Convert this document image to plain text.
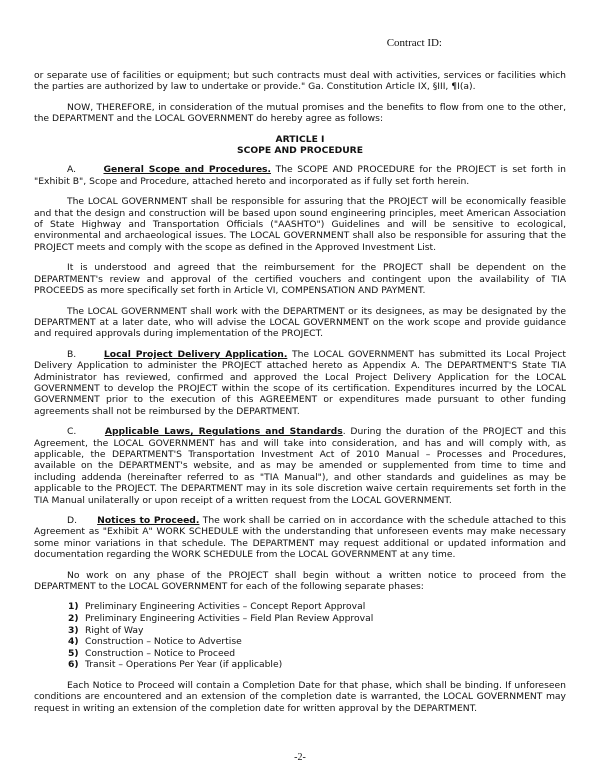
Contract ID:

or separate use of facilities or equipment; but such contracts must deal with activities, services or facilities which the parties are authorized by law to undertake or provide." Ga. Constitution Article IX, §III, ¶I(a).

NOW, THEREFORE, in consideration of the mutual promises and the benefits to flow from one to the other, the DEPARTMENT and the LOCAL GOVERNMENT do hereby agree as follows:

ARTICLE I
SCOPE AND PROCEDURE

A.	General Scope and Procedures. The SCOPE AND PROCEDURE for the PROJECT is set forth in "Exhibit B", Scope and Procedure, attached hereto and incorporated as if fully set forth herein.

The LOCAL GOVERNMENT shall be responsible for assuring that the PROJECT will be economically feasible and that the design and construction will be based upon sound engineering principles, meet American Association of State Highway and Transportation Officials ("AASHTO") Guidelines and will be sensitive to ecological, environmental and archaeological issues. The LOCAL GOVERNMENT shall also be responsible for assuring that the PROJECT meets and comply with the scope as defined in the Approved Investment List.

It is understood and agreed that the reimbursement for the PROJECT shall be dependent on the DEPARTMENT's review and approval of the certified vouchers and contingent upon the availability of TIA PROCEEDS as more specifically set forth in Article VI, COMPENSATION AND PAYMENT.

The LOCAL GOVERNMENT shall work with the DEPARTMENT or its designees, as may be designated by the DEPARTMENT at a later date, who will advise the LOCAL GOVERNMENT on the work scope and provide guidance and required approvals during implementation of the PROJECT.

B.	Local Project Delivery Application. The LOCAL GOVERNMENT has submitted its Local Project Delivery Application to administer the PROJECT attached hereto as Appendix A. The DEPARTMENT'S State TIA Administrator has reviewed, confirmed and approved the Local Project Delivery Application for the LOCAL GOVERNMENT to develop the PROJECT within the scope of its certification. Expenditures incurred by the LOCAL GOVERNMENT prior to the execution of this AGREEMENT or expenditures made pursuant to other funding agreements shall not be reimbursed by the DEPARTMENT.

C.	Applicable Laws, Regulations and Standards. During the duration of the PROJECT and this Agreement, the LOCAL GOVERNMENT has and will take into consideration, and has and will comply with, as applicable, the DEPARTMENT'S Transportation Investment Act of 2010 Manual – Processes and Procedures, available on the DEPARTMENT's website, and as may be amended or supplemented from time to time and including addenda (hereinafter referred to as "TIA Manual"), and other standards and guidelines as may be applicable to the PROJECT. The DEPARTMENT may in its sole discretion waive certain requirements set forth in the TIA Manual unilaterally or upon receipt of a written request from the LOCAL GOVERNMENT.

D. Notices to Proceed. The work shall be carried on in accordance with the schedule attached to this Agreement as "Exhibit A" WORK SCHEDULE with the understanding that unforeseen events may make necessary some minor variations in that schedule. The DEPARTMENT may request additional or updated information and documentation regarding the WORK SCHEDULE from the LOCAL GOVERNMENT at any time.

No work on any phase of the PROJECT shall begin without a written notice to proceed from the DEPARTMENT to the LOCAL GOVERNMENT for each of the following separate phases:

1) Preliminary Engineering Activities – Concept Report Approval
2) Preliminary Engineering Activities – Field Plan Review Approval
3) Right of Way
4) Construction – Notice to Advertise
5) Construction – Notice to Proceed
6) Transit – Operations Per Year (if applicable)

Each Notice to Proceed will contain a Completion Date for that phase, which shall be binding. If unforeseen conditions are encountered and an extension of the completion date is warranted, the LOCAL GOVERNMENT may request in writing an extension of the completion date for written approval by the DEPARTMENT.

-2-
